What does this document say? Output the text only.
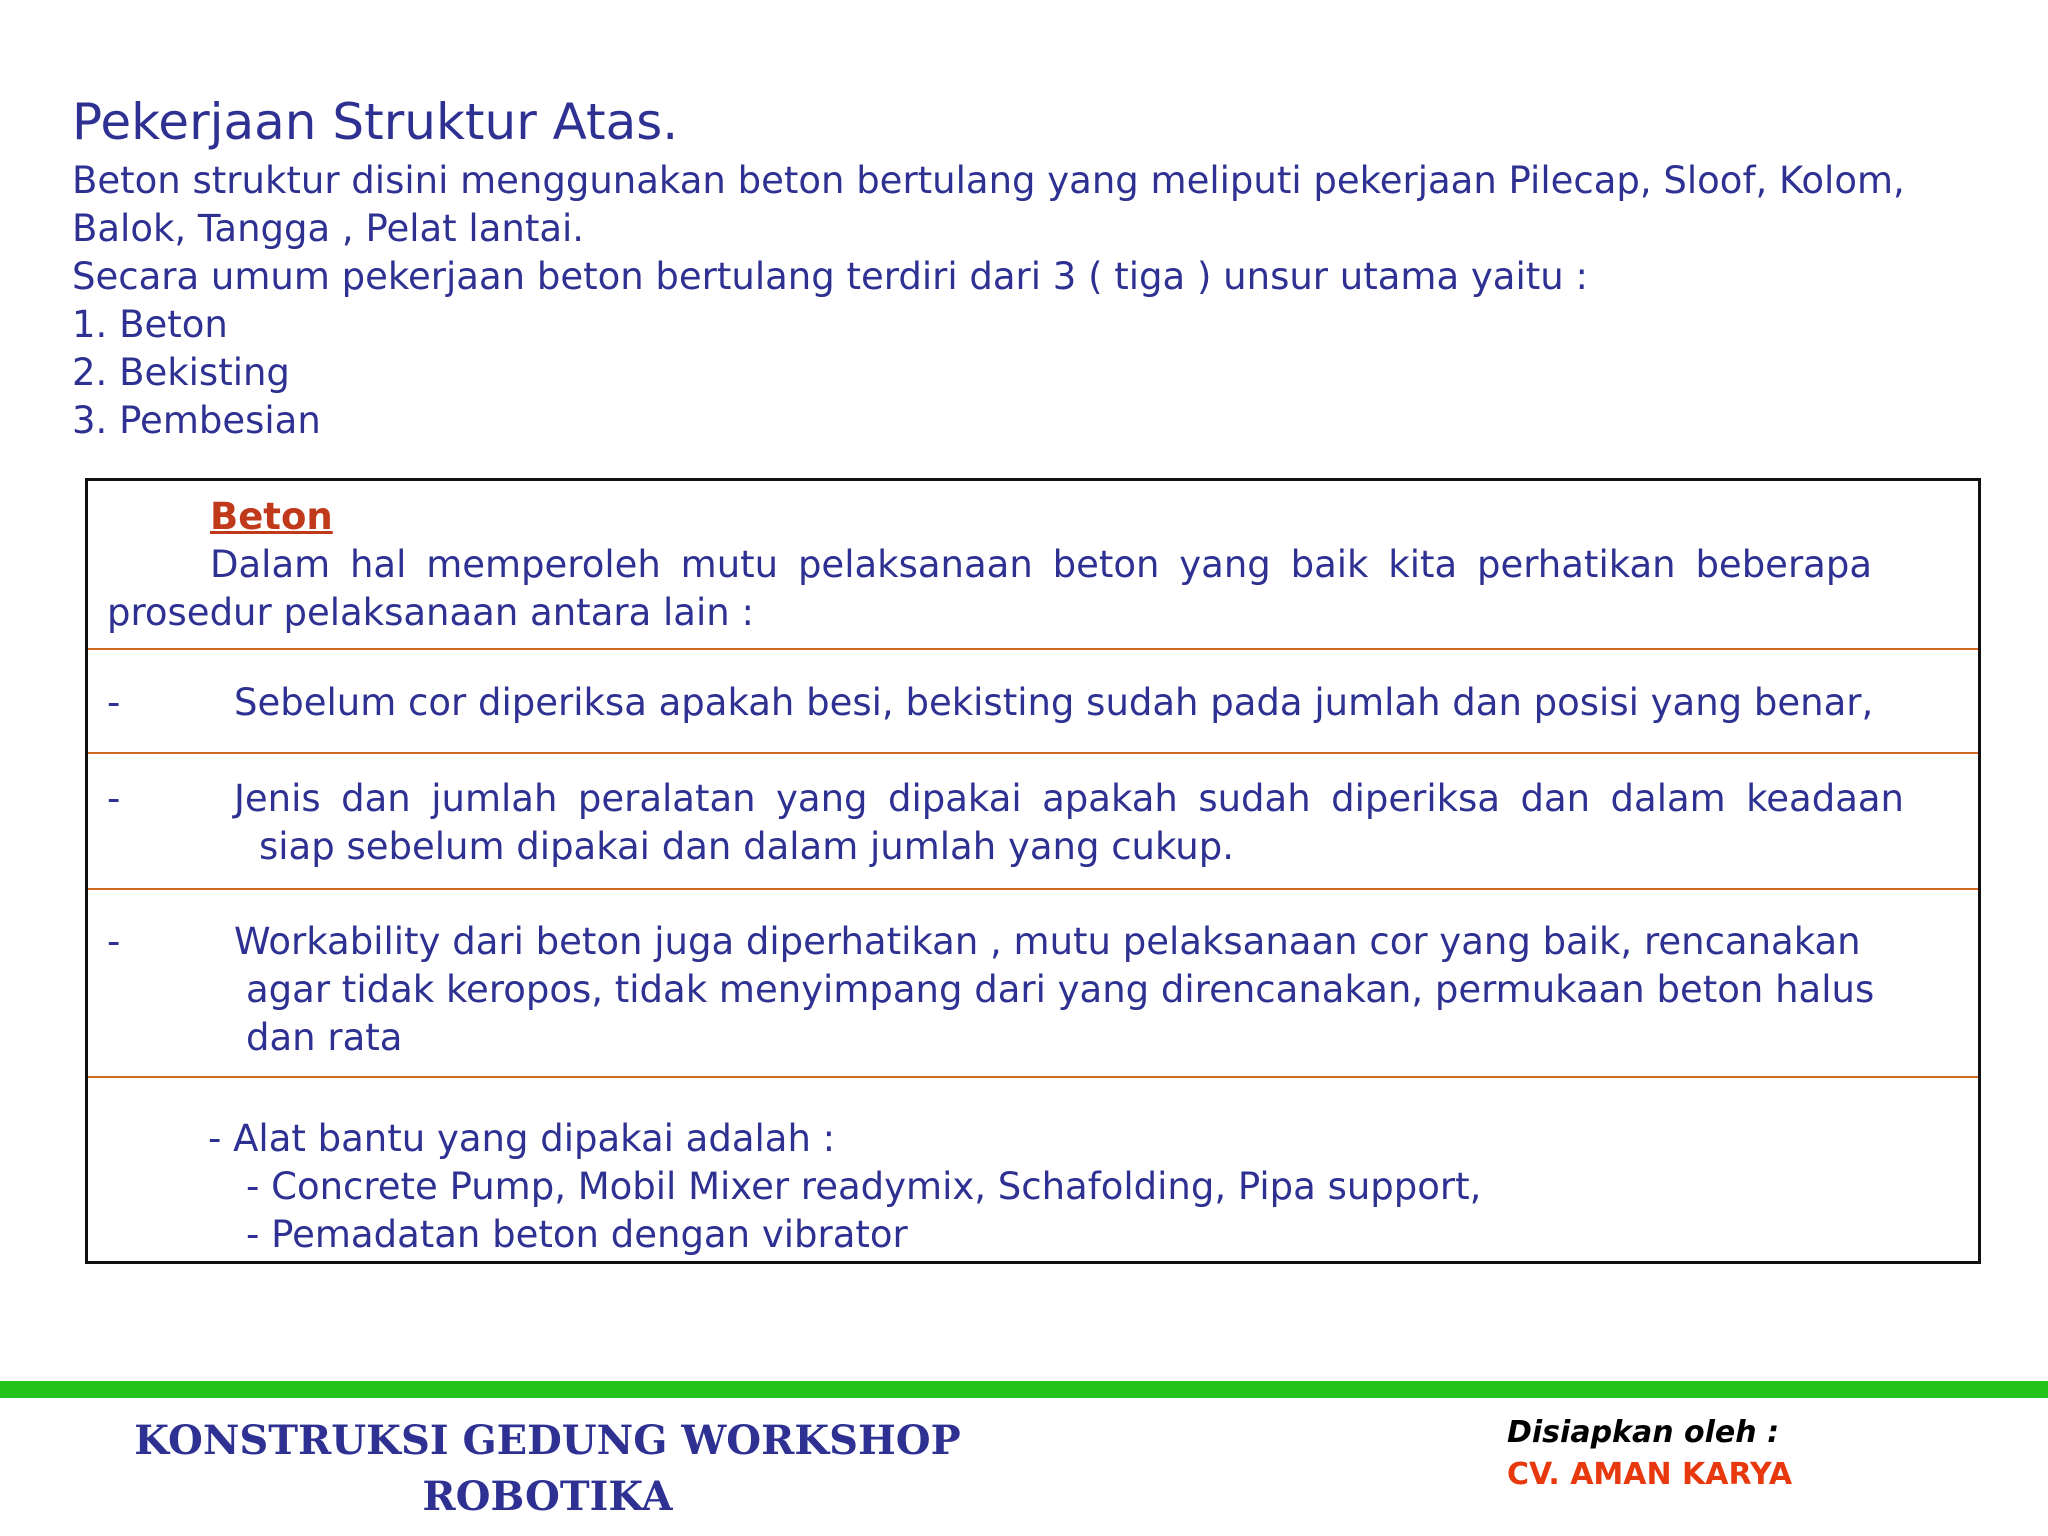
Pekerjaan Struktur Atas.
Beton struktur disini menggunakan beton bertulang yang meliputi pekerjaan Pilecap, Sloof, Kolom,
Balok, Tangga , Pelat lantai.
Secara umum pekerjaan beton bertulang terdiri dari 3 ( tiga ) unsur utama yaitu :
1. Beton
2. Bekisting
3. Pembesian
Beton
Dalam hal memperoleh mutu pelaksanaan beton yang baik kita perhatikan beberapa
prosedur pelaksanaan antara lain :
-	Sebelum cor diperiksa apakah besi, bekisting sudah pada jumlah dan posisi yang benar,
-	Jenis dan jumlah peralatan yang dipakai apakah sudah diperiksa dan dalam keadaan
siap sebelum dipakai dan dalam jumlah yang cukup.
-	Workability dari beton juga diperhatikan , mutu pelaksanaan cor yang baik, rencanakan
agar tidak keropos, tidak menyimpang dari yang direncanakan, permukaan beton halus
dan rata
- Alat bantu yang dipakai adalah :
- Concrete Pump, Mobil Mixer readymix, Schafolding, Pipa support,
- Pemadatan beton dengan vibrator
KONSTRUKSI GEDUNG WORKSHOP
ROBOTIKA
Disiapkan oleh :
CV. AMAN KARYA
